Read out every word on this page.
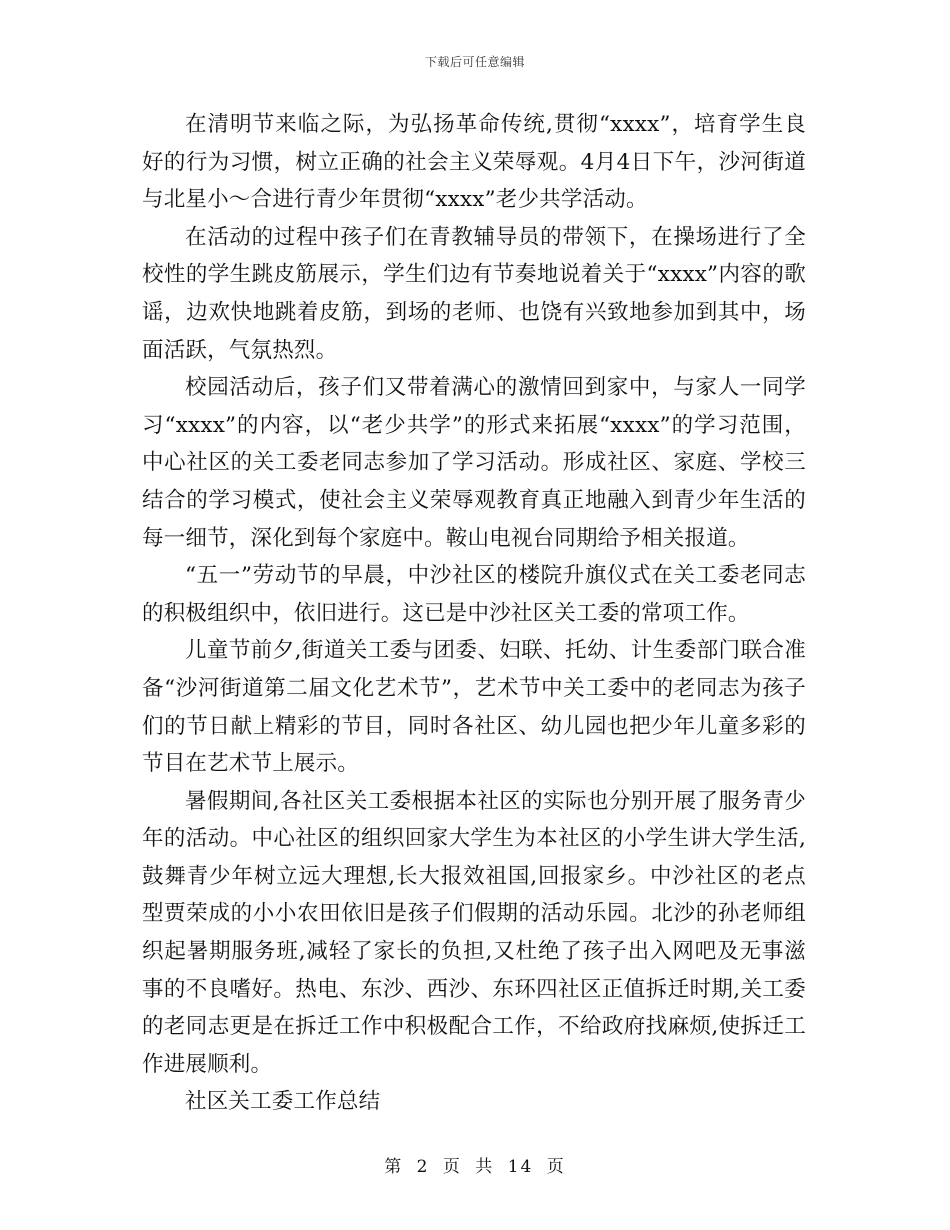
下载后可任意编辑

在清明节来临之际，为弘扬革命传统,贯彻“xxxx”，培育学生良好的行为习惯，树立正确的社会主义荣辱观。4月4日下午，沙河街道与北星小～合进行青少年贯彻“xxxx”老少共学活动。

在活动的过程中孩子们在青教辅导员的带领下，在操场进行了全校性的学生跳皮筋展示，学生们边有节奏地说着关于“xxxx”内容的歌谣，边欢快地跳着皮筋，到场的老师、也饶有兴致地参加到其中，场面活跃，气氛热烈。

校园活动后，孩子们又带着满心的激情回到家中，与家人一同学习“xxxx”的内容，以“老少共学”的形式来拓展“xxxx”的学习范围，中心社区的关工委老同志参加了学习活动。形成社区、家庭、学校三结合的学习模式，使社会主义荣辱观教育真正地融入到青少年生活的每一细节，深化到每个家庭中。鞍山电视台同期给予相关报道。

“五一”劳动节的早晨，中沙社区的楼院升旗仪式在关工委老同志的积极组织中，依旧进行。这已是中沙社区关工委的常项工作。

儿童节前夕,街道关工委与团委、妇联、托幼、计生委部门联合准备“沙河街道第二届文化艺术节”，艺术节中关工委中的老同志为孩子们的节日献上精彩的节目，同时各社区、幼儿园也把少年儿童多彩的节目在艺术节上展示。

暑假期间,各社区关工委根据本社区的实际也分别开展了服务青少年的活动。中心社区的组织回家大学生为本社区的小学生讲大学生活,鼓舞青少年树立远大理想,长大报效祖国,回报家乡。中沙社区的老点型贾荣成的小小农田依旧是孩子们假期的活动乐园。北沙的孙老师组织起暑期服务班,减轻了家长的负担,又杜绝了孩子出入网吧及无事滋事的不良嗜好。热电、东沙、西沙、东环四社区正值拆迁时期,关工委的老同志更是在拆迁工作中积极配合工作，不给政府找麻烦,使拆迁工作进展顺利。

社区关工委工作总结

第 2 页 共 14 页
